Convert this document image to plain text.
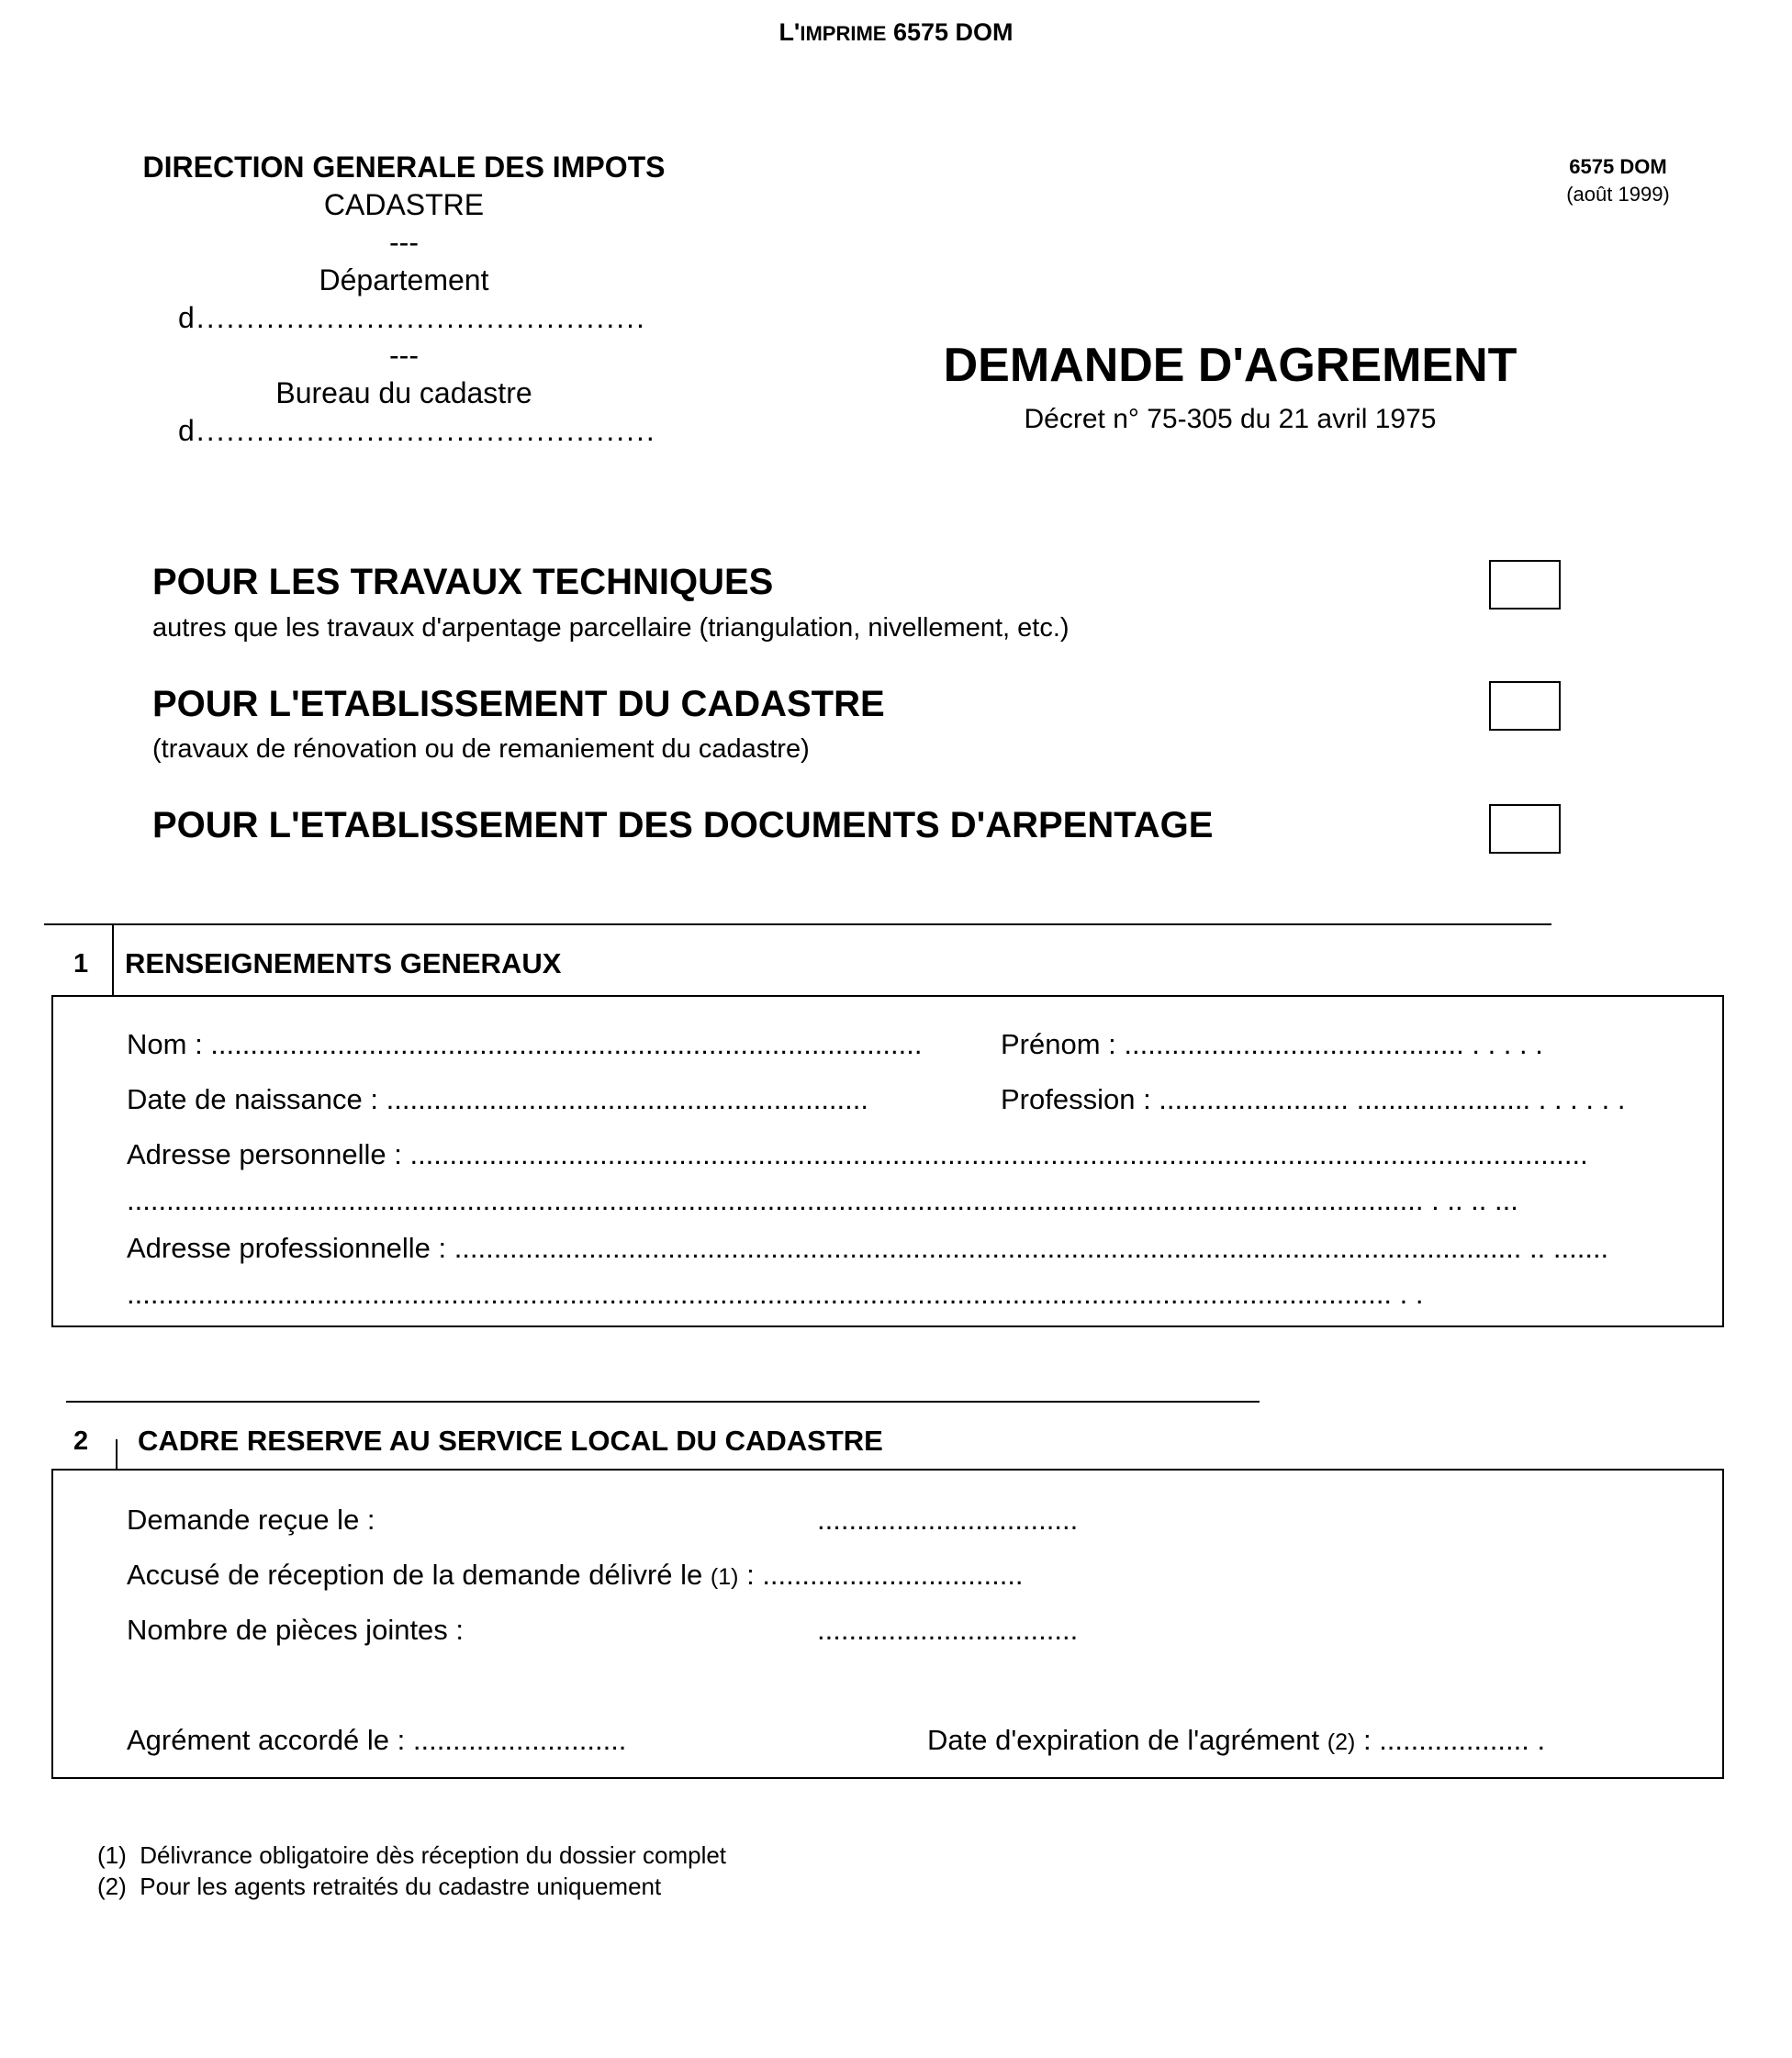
L'IMPRIME 6575 DOM
DIRECTION GENERALE DES IMPOTS
CADASTRE
---
Département
d.............................................
---
Bureau du cadastre
d..............................................
6575 DOM
(août 1999)
DEMANDE D'AGREMENT
Décret n° 75-305 du 21 avril 1975
POUR LES TRAVAUX TECHNIQUES
autres que les travaux d'arpentage parcellaire (triangulation, nivellement, etc.)
POUR L'ETABLISSEMENT DU CADASTRE
(travaux de rénovation ou de remaniement du cadastre)
POUR L'ETABLISSEMENT DES DOCUMENTS D'ARPENTAGE
1 RENSEIGNEMENTS GENERAUX
Nom : ..........................................................................................	Prénom : ........................................... . . . . .
Date de naissance : .............................................................	Profession : ........................ ...................... . . . . . .
Adresse personnelle : .....................................................................................................................................................
.................................................................................................................................................................... . .. .. ...
Adresse professionnelle : ....................................................................................................................................... .. .......
................................................................................................................................................................ . .
2 CADRE RESERVE AU SERVICE LOCAL DU CADASTRE
Demande reçue le :	.................................
Accusé de réception de la demande délivré le (1) : .................................
Nombre de pièces jointes :	.................................
Agrément accordé le : ...........................	Date d'expiration de l'agrément (2) : ................... .
(1) Délivrance obligatoire dès réception du dossier complet
(2) Pour les agents retraités du cadastre uniquement
